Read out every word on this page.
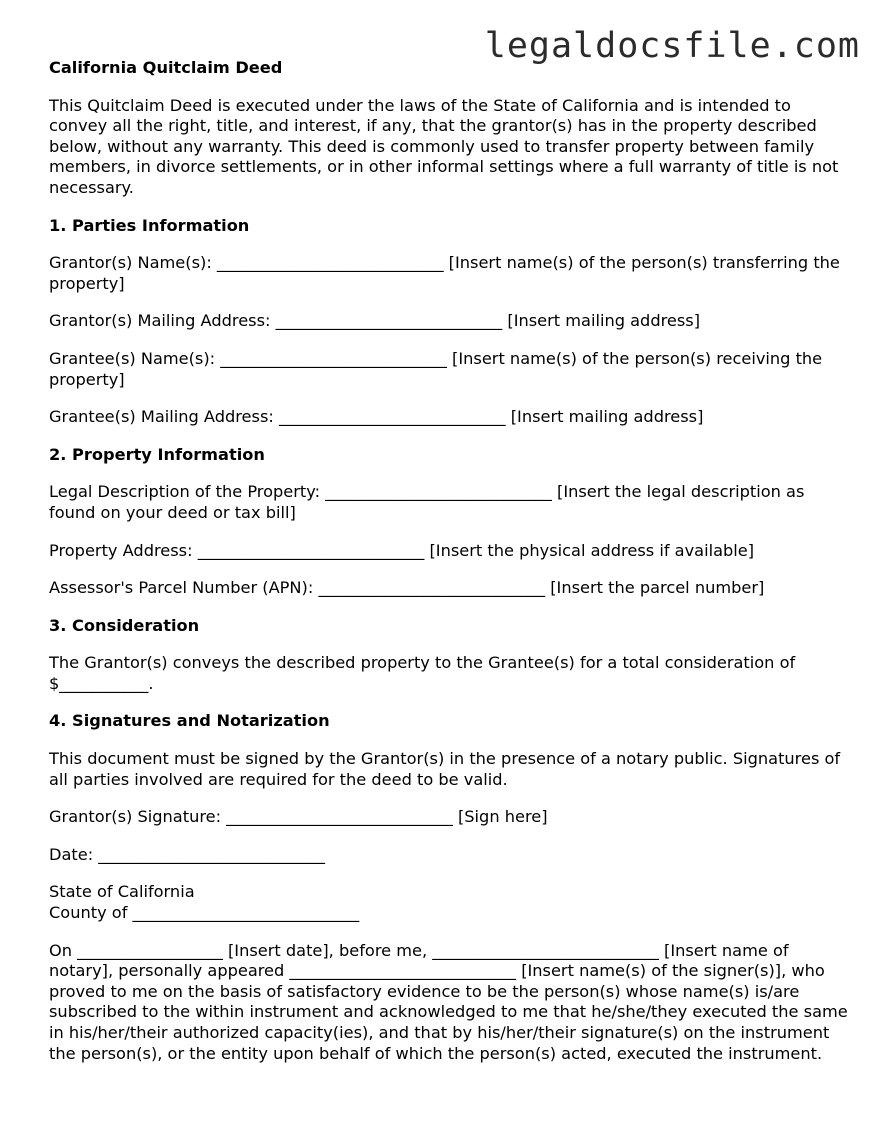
legaldocsfile.com
California Quitclaim Deed

This Quitclaim Deed is executed under the laws of the State of California and is intended to convey all the right, title, and interest, if any, that the grantor(s) has in the property described below, without any warranty. This deed is commonly used to transfer property between family members, in divorce settlements, or in other informal settings where a full warranty of title is not necessary.

1. Parties Information

Grantor(s) Name(s): ____________________________ [Insert name(s) of the person(s) transferring the property]

Grantor(s) Mailing Address: ____________________________ [Insert mailing address]

Grantee(s) Name(s): ____________________________ [Insert name(s) of the person(s) receiving the property]

Grantee(s) Mailing Address: ____________________________ [Insert mailing address]

2. Property Information

Legal Description of the Property: ____________________________ [Insert the legal description as found on your deed or tax bill]

Property Address: ____________________________ [Insert the physical address if available]

Assessor's Parcel Number (APN): ____________________________ [Insert the parcel number]

3. Consideration

The Grantor(s) conveys the described property to the Grantee(s) for a total consideration of $___________.

4. Signatures and Notarization

This document must be signed by the Grantor(s) in the presence of a notary public. Signatures of all parties involved are required for the deed to be valid.

Grantor(s) Signature: ____________________________ [Sign here]

Date: ____________________________

State of California
County of ____________________________

On __________________ [Insert date], before me, ____________________________ [Insert name of notary], personally appeared ____________________________ [Insert name(s) of the signer(s)], who proved to me on the basis of satisfactory evidence to be the person(s) whose name(s) is/are subscribed to the within instrument and acknowledged to me that he/she/they executed the same in his/her/their authorized capacity(ies), and that by his/her/their signature(s) on the instrument the person(s), or the entity upon behalf of which the person(s) acted, executed the instrument.
